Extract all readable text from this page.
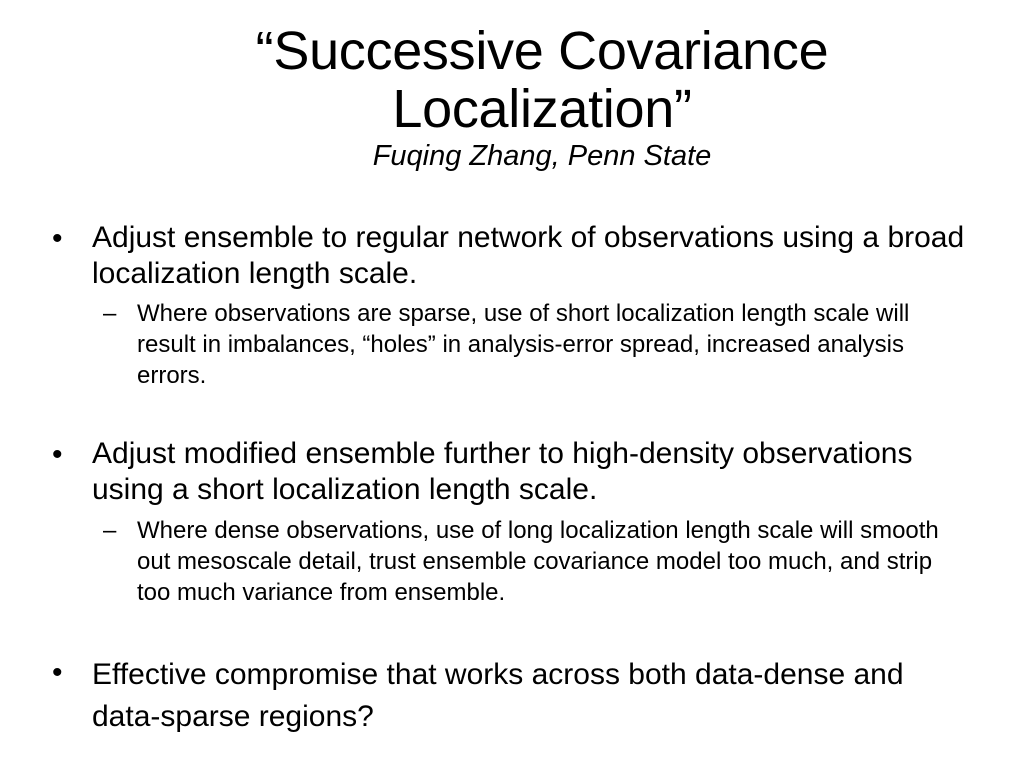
“Successive Covariance
Localization”
Fuqing Zhang, Penn State
• Adjust ensemble to regular network of observations using a broad localization length scale.
– Where observations are sparse, use of short localization length scale will result in imbalances, “holes” in analysis-error spread, increased analysis errors.
• Adjust modified ensemble further to high-density observations using a short localization length scale.
– Where dense observations, use of long localization length scale will smooth out mesoscale detail, trust ensemble covariance model too much, and strip too much variance from ensemble.
• Effective compromise that works across both data-dense and data-sparse regions?
